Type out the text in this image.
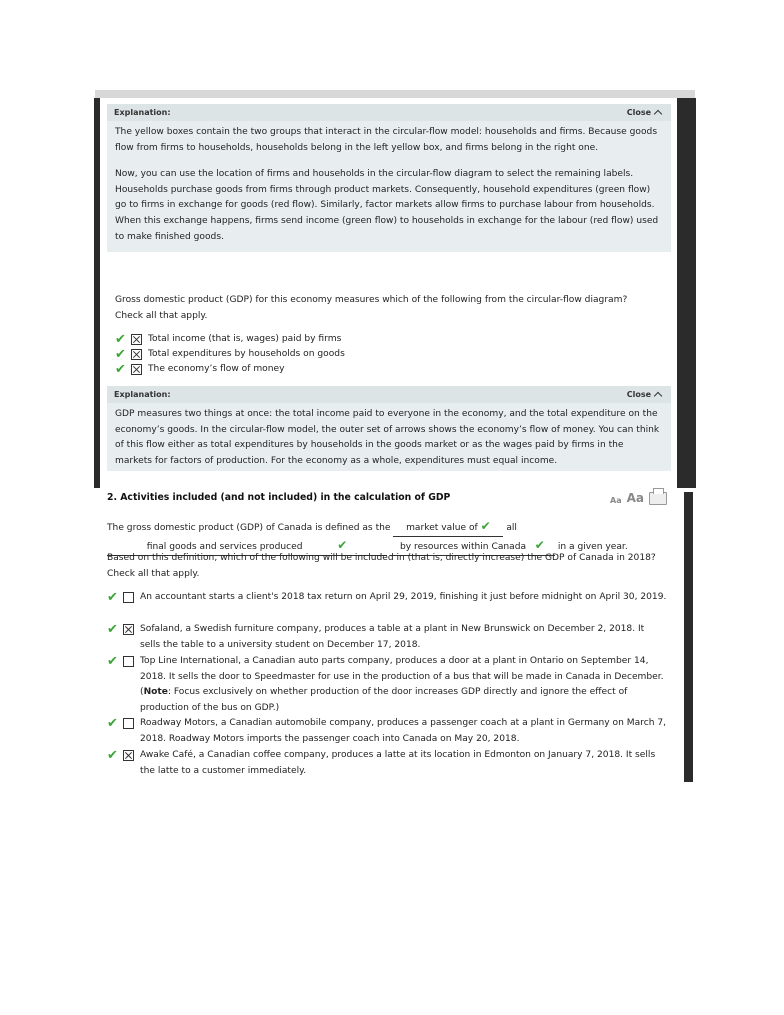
Explanation:	Close

The yellow boxes contain the two groups that interact in the circular-flow model: households and firms. Because goods flow from firms to households, households belong in the left yellow box, and firms belong in the right one.

Now, you can use the location of firms and households in the circular-flow diagram to select the remaining labels. Households purchase goods from firms through product markets. Consequently, household expenditures (green flow) go to firms in exchange for goods (red flow). Similarly, factor markets allow firms to purchase labour from households. When this exchange happens, firms send income (green flow) to households in exchange for the labour (red flow) used to make finished goods.

Gross domestic product (GDP) for this economy measures which of the following from the circular-flow diagram? Check all that apply.
✔	Total income (that is, wages) paid by firms
✔	Total expenditures by households on goods
✔	The economy’s flow of money
Explanation:	Close

GDP measures two things at once: the total income paid to everyone in the economy, and the total expenditure on the economy’s goods. In the circular-flow model, the outer set of arrows shows the economy’s flow of money. You can think of this flow either as total expenditures by households in the goods market or as the wages paid by firms in the markets for factors of production. For the economy as a whole, expenditures must equal income.

2. Activities included (and not included) in the calculation of GDP	Aa Aa
The gross domestic product (GDP) of Canada is defined as the market value of ✔ all
final goods and services produced	✔	by resources within Canada ✔ in a given year.
Based on this definition, which of the following will be included in (that is, directly increase) the GDP of Canada in 2018? Check all that apply.
✔	An accountant starts a client's 2018 tax return on April 29, 2019, finishing it just before midnight on April 30, 2019.
✔	Sofaland, a Swedish furniture company, produces a table at a plant in New Brunswick on December 2, 2018. It sells the table to a university student on December 17, 2018.
✔	Top Line International, a Canadian auto parts company, produces a door at a plant in Ontario on September 14, 2018. It sells the door to Speedmaster for use in the production of a bus that will be made in Canada in December. (Note: Focus exclusively on whether production of the door increases GDP directly and ignore the effect of production of the bus on GDP.)
✔	Roadway Motors, a Canadian automobile company, produces a passenger coach at a plant in Germany on March 7, 2018. Roadway Motors imports the passenger coach into Canada on May 20, 2018.
✔	Awake Café, a Canadian coffee company, produces a latte at its location in Edmonton on January 7, 2018. It sells the latte to a customer immediately.
